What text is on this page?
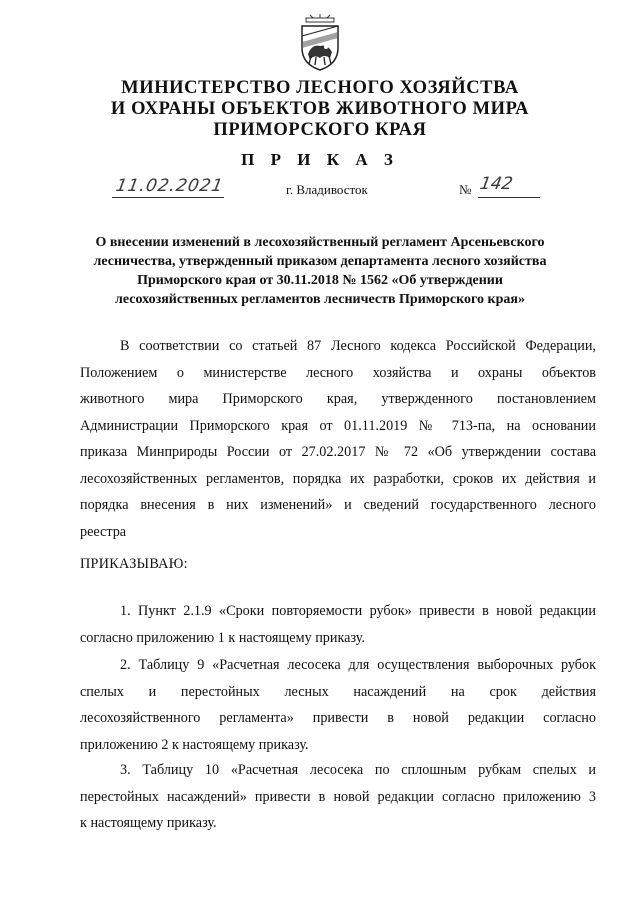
МИНИСТЕРСТВО ЛЕСНОГО ХОЗЯЙСТВА
И ОХРАНЫ ОБЪЕКТОВ ЖИВОТНОГО МИРА
ПРИМОРСКОГО КРАЯ
П Р И К А З
11.02.2021	г. Владивосток	№ 142
О внесении изменений в лесохозяйственный регламент Арсеньевского
лесничества, утвержденный приказом департамента лесного хозяйства
Приморского края от 30.11.2018 № 1562 «Об утверждении
лесохозяйственных регламентов лесничеств Приморского края»
В соответствии со статьей 87 Лесного кодекса Российской Федерации,
Положением о министерстве лесного хозяйства и охраны объектов
животного мира Приморского края, утвержденного постановлением
Администрации Приморского края от 01.11.2019 № 713-па, на основании
приказа Минприроды России от 27.02.2017 № 72 «Об утверждении состава
лесохозяйственных регламентов, порядка их разработки, сроков их действия и
порядка внесения в них изменений» и сведений государственного лесного
реестра
ПРИКАЗЫВАЮ:
1. Пункт 2.1.9 «Сроки повторяемости рубок» привести в новой редакции
согласно приложению 1 к настоящему приказу.
2. Таблицу 9 «Расчетная лесосека для осуществления выборочных рубок
спелых и перестойных лесных насаждений на срок действия
лесохозяйственного регламента» привести в новой редакции согласно
приложению 2 к настоящему приказу.
3. Таблицу 10 «Расчетная лесосека по сплошным рубкам спелых и
перестойных насаждений» привести в новой редакции согласно приложению 3
к настоящему приказу.
